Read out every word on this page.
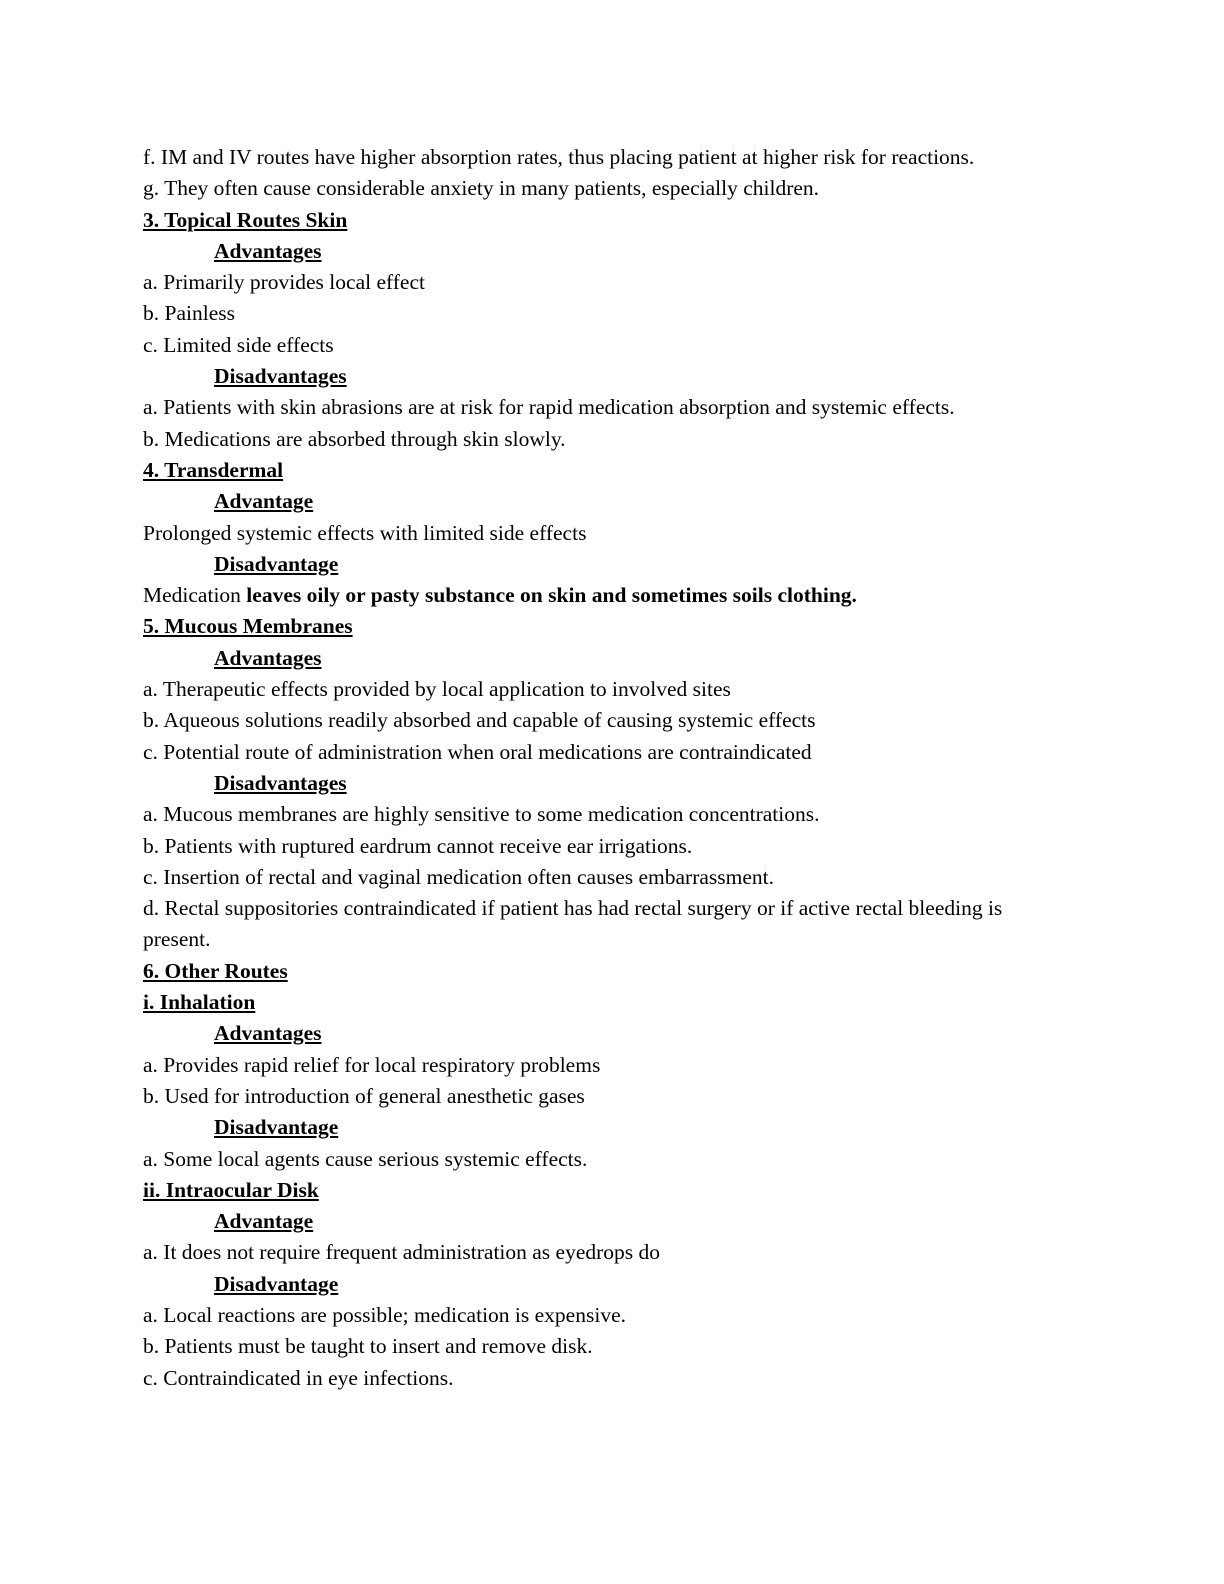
f. IM and IV routes have higher absorption rates, thus placing patient at higher risk for reactions.
g. They often cause considerable anxiety in many patients, especially children.
3. Topical Routes Skin
Advantages
a. Primarily provides local effect
b. Painless
c. Limited side effects
Disadvantages
a. Patients with skin abrasions are at risk for rapid medication absorption and systemic effects.
b. Medications are absorbed through skin slowly.
4. Transdermal
Advantage
Prolonged systemic effects with limited side effects
Disadvantage
Medication leaves oily or pasty substance on skin and sometimes soils clothing.
5. Mucous Membranes
Advantages
a. Therapeutic effects provided by local application to involved sites
b. Aqueous solutions readily absorbed and capable of causing systemic effects
c. Potential route of administration when oral medications are contraindicated
Disadvantages
a. Mucous membranes are highly sensitive to some medication concentrations.
b. Patients with ruptured eardrum cannot receive ear irrigations.
c. Insertion of rectal and vaginal medication often causes embarrassment.
d. Rectal suppositories contraindicated if patient has had rectal surgery or if active rectal bleeding is present.
6. Other Routes
i. Inhalation
Advantages
a. Provides rapid relief for local respiratory problems
b. Used for introduction of general anesthetic gases
Disadvantage
a. Some local agents cause serious systemic effects.
ii. Intraocular Disk
Advantage
a. It does not require frequent administration as eyedrops do
Disadvantage
a. Local reactions are possible; medication is expensive.
b. Patients must be taught to insert and remove disk.
c. Contraindicated in eye infections.
